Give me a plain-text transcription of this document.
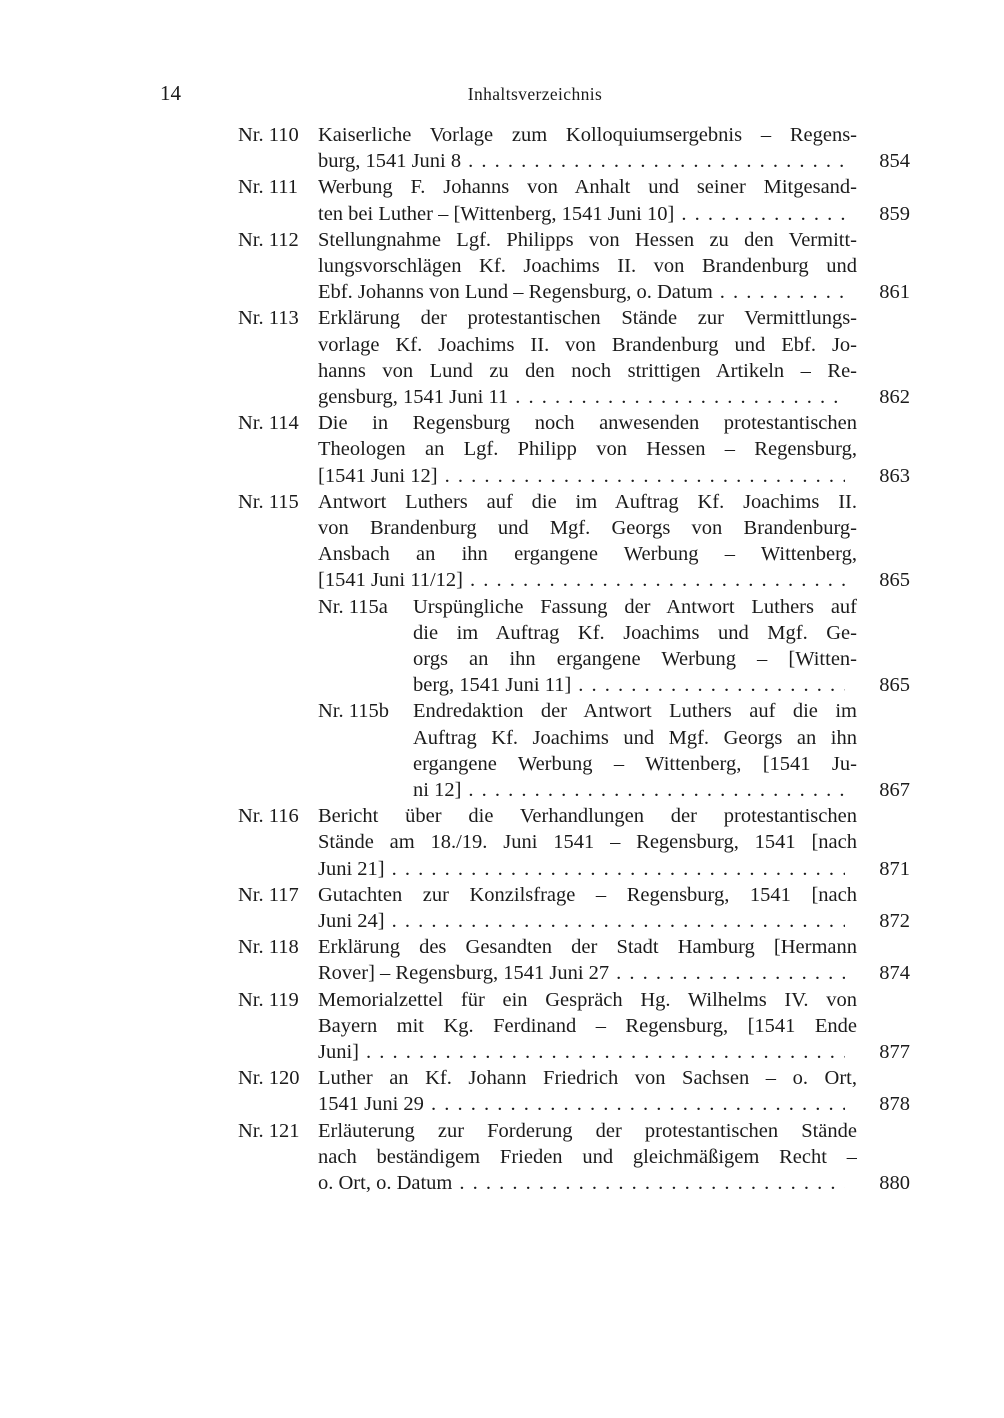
14	Inhaltsverzeichnis
Nr. 110 Kaiserliche Vorlage zum Kolloquiumsergebnis – Regens-
burg, 1541 Juni 8 . . .	854
Nr. 111 Werbung F. Johanns von Anhalt und seiner Mitgesand-
ten bei Luther – [Wittenberg, 1541 Juni 10] . . .	859
Nr. 112 Stellungnahme Lgf. Philipps von Hessen zu den Vermitt-
lungsvorschlägen Kf. Joachims II. von Brandenburg und
Ebf. Johanns von Lund – Regensburg, o. Datum . . .	861
Nr. 113 Erklärung der protestantischen Stände zur Vermittlungs-
vorlage Kf. Joachims II. von Brandenburg und Ebf. Jo-
hanns von Lund zu den noch strittigen Artikeln – Re-
gensburg, 1541 Juni 11 . . .	862
Nr. 114 Die in Regensburg noch anwesenden protestantischen
Theologen an Lgf. Philipp von Hessen – Regensburg,
[1541 Juni 12] . . .	863
Nr. 115 Antwort Luthers auf die im Auftrag Kf. Joachims II.
von Brandenburg und Mgf. Georgs von Brandenburg-
Ansbach an ihn ergangene Werbung – Wittenberg,
[1541 Juni 11/12] . . .	865
Nr. 115a	Urspüngliche Fassung der Antwort Luthers auf
die im Auftrag Kf. Joachims und Mgf. Ge-
orgs an ihn ergangene Werbung – [Witten-
berg, 1541 Juni 11] . . .	865
Nr. 115b	Endredaktion der Antwort Luthers auf die im
Auftrag Kf. Joachims und Mgf. Georgs an ihn
ergangene Werbung – Wittenberg, [1541 Ju-
ni 12] . . .	867
Nr. 116 Bericht über die Verhandlungen der protestantischen
Stände am 18./19. Juni 1541 – Regensburg, 1541 [nach
Juni 21] . . .	871
Nr. 117 Gutachten zur Konzilsfrage – Regensburg, 1541 [nach
Juni 24] . . .	872
Nr. 118 Erklärung des Gesandten der Stadt Hamburg [Hermann
Rover] – Regensburg, 1541 Juni 27 . . .	874
Nr. 119 Memorialzettel für ein Gespräch Hg. Wilhelms IV. von
Bayern mit Kg. Ferdinand – Regensburg, [1541 Ende
Juni] . . .	877
Nr. 120 Luther an Kf. Johann Friedrich von Sachsen – o. Ort,
1541 Juni 29 . . .	878
Nr. 121 Erläuterung zur Forderung der protestantischen Stände
nach beständigem Frieden und gleichmäßigem Recht –
o. Ort, o. Datum . . .	880
